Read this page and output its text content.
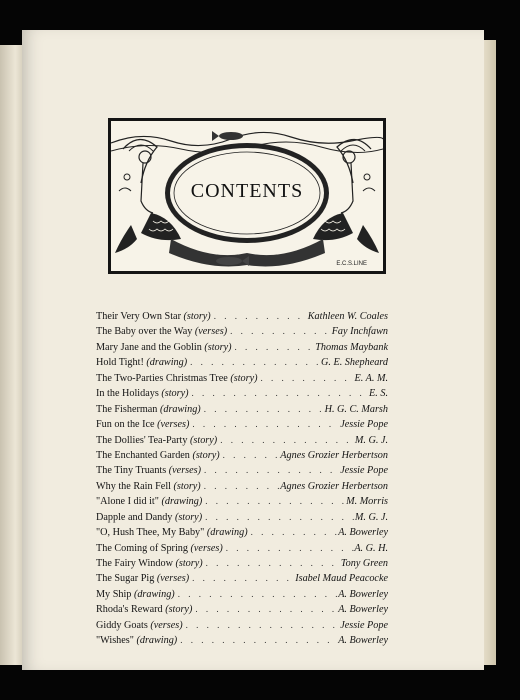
CONTENTS
E.C.S.LINE
Their Very Own Star (story) . . .	Kathleen W. Coales
The Baby over the Way (verses) . . .	Fay Inchfawn
Mary Jane and the Goblin (story) . . .	Thomas Maybank
Hold Tight! (drawing) . . .	G. E. Shepheard
The Two-Parties Christmas Tree (story) . . .	E. A. M.
In the Holidays (story) . . .	E. S.
The Fisherman (drawing) . . .	H. G. C. Marsh
Fun on the Ice (verses) . . .	Jessie Pope
The Dollies' Tea-Party (story) . . .	M. G. J.
The Enchanted Garden (story) . . .	Agnes Grozier Herbertson
The Tiny Truants (verses) . . .	Jessie Pope
Why the Rain Fell (story) . . .	Agnes Grozier Herbertson
"Alone I did it" (drawing) . . .	M. Morris
Dapple and Dandy (story) . . .	M. G. J.
"O, Hush Thee, My Baby" (drawing) . . .	A. Bowerley
The Coming of Spring (verses) . . .	A. G. H.
The Fairy Window (story) . . .	Tony Green
The Sugar Pig (verses) . . .	Isabel Maud Peacocke
My Ship (drawing) . . .	A. Bowerley
Rhoda's Reward (story) . . .	A. Bowerley
Giddy Goats (verses) . . .	Jessie Pope
"Wishes" (drawing) . . .	A. Bowerley
